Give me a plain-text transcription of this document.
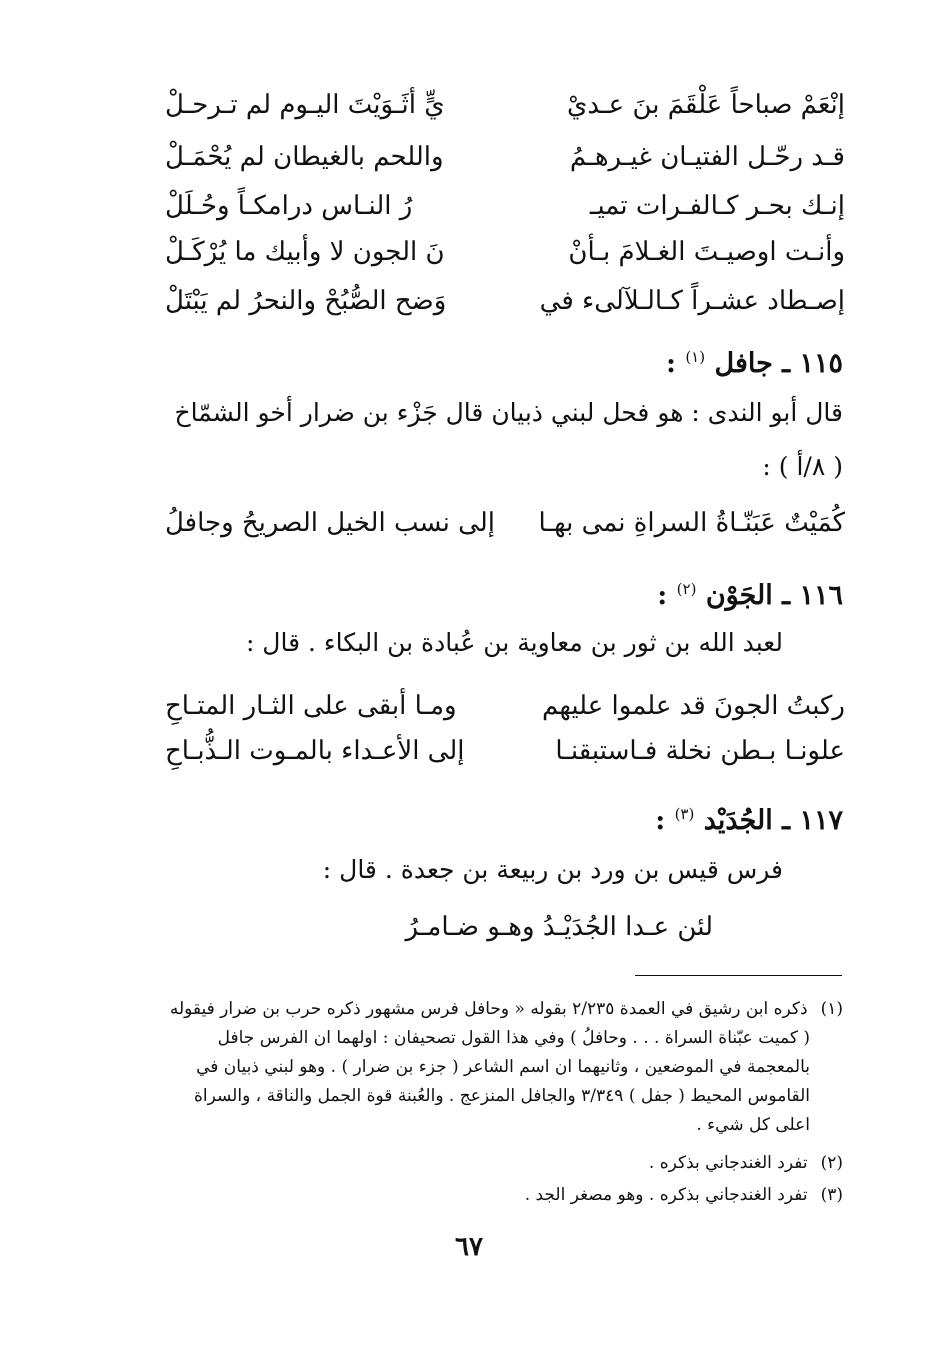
إنْعَمْ صباحاً عَلْقَمَ بنَ عـديْ
يٍّ أثَـوَيْتَ اليـوم لم تـرحـلْ
قـد رحّـل الفتيـان غيـرهـمُ
واللحم بالغيطان لم يُحْمَـلْ
إنـك بحـر كـالفـرات تميـ
رُ النـاس درامكـاً وحُـلَلْ
وأنـت اوصيـتَ الغـلامَ بـأنْ
نَ الجون لا وأبيك ما يُرْكَـلْ
إصـطاد عشـراً كـالـلآلىء في
وَضح الصُّبُحْ والنحرُ لم يَبْتَلْ
١١٥ ـ جافل $^{(١)}$ :
قال أبو الندى : هو فحل لبني ذبيان قال جَزْء بن ضرار أخو الشمّاخ
( ٨/أ ) :
كُمَيْتٌ عَبَنّـاةُ السراةِ نمى بهـا
إلى نسب الخيل الصريحُ وجافلُ
١١٦ ـ الجَوْن $^{(٢)}$ :
لعبد الله بن ثور بن معاوية بن عُبادة بن البكاء . قال :
ركبتُ الجونَ قد علموا عليهم
ومـا أبقى على الثـار المتـاحِ
علونـا بـطن نخلة فـاستبقنـا
إلى الأعـداء بالمـوت الـذُّبـاحِ
١١٧ ـ الجُدَيْد $^{(٣)}$ :
فرس قيس بن ورد بن ربيعة بن جعدة . قال :
لئن عـدا الجُدَيْـدُ وهـو ضـامـرُ
(١) ذكره ابن رشيق في العمدة ٢/٢٣٥ بقوله « وحافل فرس مشهور ذكره حرب بن ضرار فيقوله
( كميت عبّناة السراة . . . وحافلُ ) وفي هذا القول تصحيفان : اولهما ان الفرس جافل
بالمعجمة في الموضعين ، وثانيهما ان اسم الشاعر ( جزء بن ضرار ) . وهو لبني ذبيان في
القاموس المحيط ( جفل ) ٣/٣٤٩ والجافل المنزعج . والعُبنة قوة الجمل والناقة ، والسراة
اعلى كل شيء .
(٢) تفرد الغندجاني بذكره .
(٣) تفرد الغندجاني بذكره . وهو مصغر الجد .
٦٧
